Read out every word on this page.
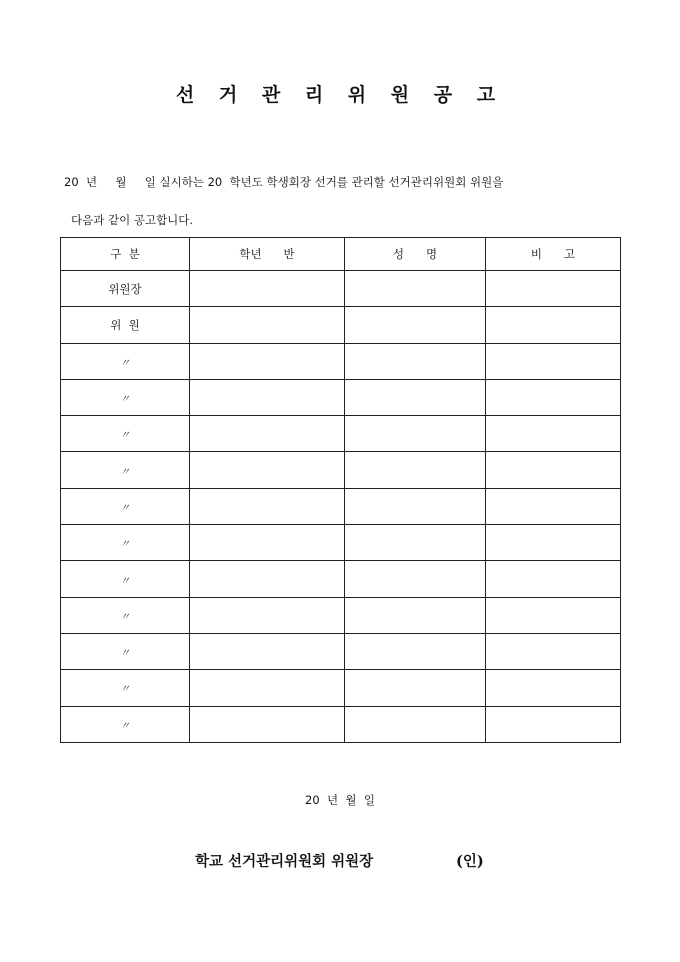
선 거 관 리 위 원 공 고
20  년     월     일 실시하는 20  학년도 학생회장 선거를 관리할 선거관리위원회 위원을
다음과 같이 공고합니다.
구  분	학년      반	성      명	비      고
위원장			
위  원			
〃			
〃			
〃			
〃			
〃			
〃			
〃			
〃			
〃			
〃			
〃			
20  년  월  일
학교 선거관리위원회 위원장	(인)
